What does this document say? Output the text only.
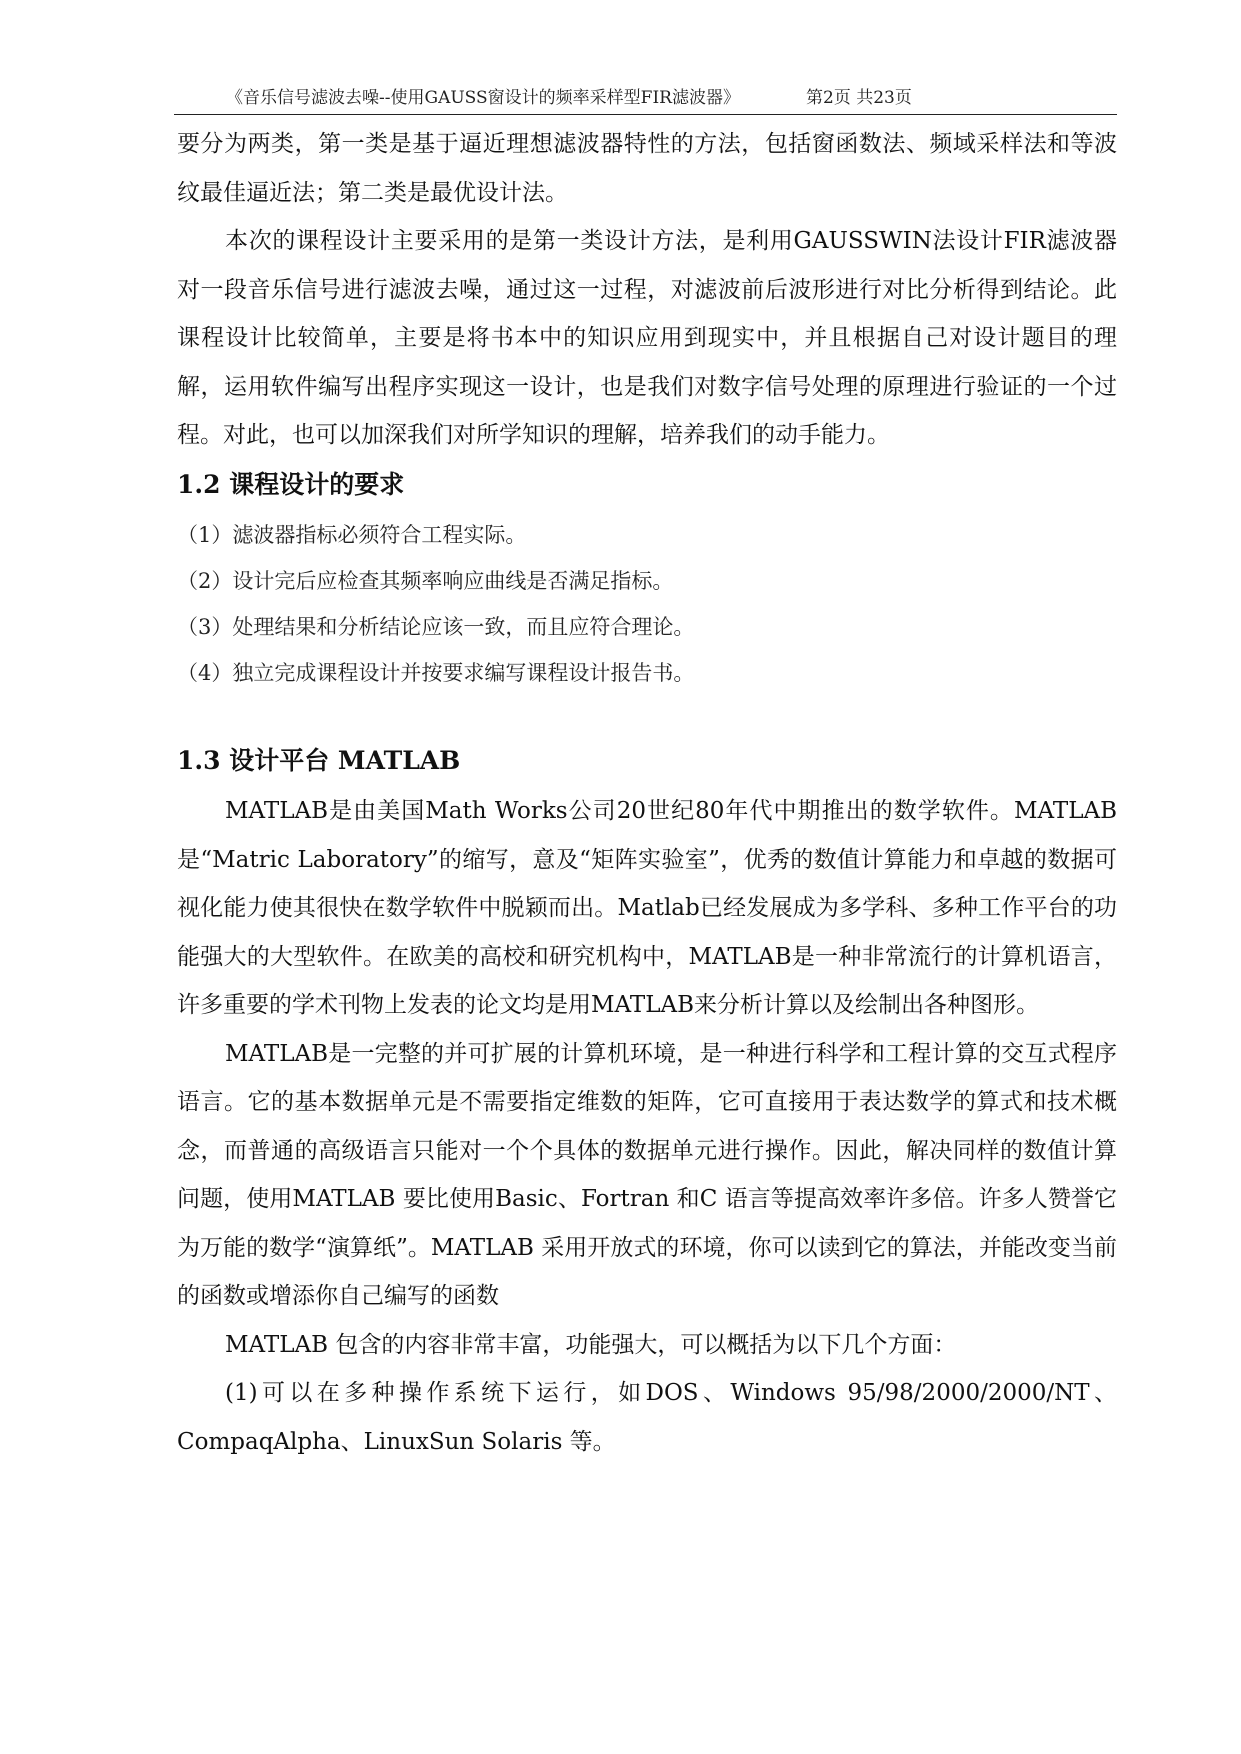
《音乐信号滤波去噪--使用GAUSS窗设计的频率采样型FIR滤波器》	第2页 共23页

要分为两类，第一类是基于逼近理想滤波器特性的方法，包括窗函数法、频域采样法和等波纹最佳逼近法；第二类是最优设计法。

本次的课程设计主要采用的是第一类设计方法，是利用GAUSSWIN法设计FIR滤波器对一段音乐信号进行滤波去噪，通过这一过程，对滤波前后波形进行对比分析得到结论。此课程设计比较简单，主要是将书本中的知识应用到现实中，并且根据自己对设计题目的理解，运用软件编写出程序实现这一设计，也是我们对数字信号处理的原理进行验证的一个过程。对此，也可以加深我们对所学知识的理解，培养我们的动手能力。

1.2 课程设计的要求

（1）滤波器指标必须符合工程实际。

（2）设计完后应检查其频率响应曲线是否满足指标。

（3）处理结果和分析结论应该一致，而且应符合理论。

（4）独立完成课程设计并按要求编写课程设计报告书。

1.3 设计平台 MATLAB

MATLAB是由美国Math Works公司20世纪80年代中期推出的数学软件。MATLAB是“Matric Laboratory”的缩写，意及“矩阵实验室”，优秀的数值计算能力和卓越的数据可视化能力使其很快在数学软件中脱颖而出。Matlab已经发展成为多学科、多种工作平台的功能强大的大型软件。在欧美的高校和研究机构中，MATLAB是一种非常流行的计算机语言，许多重要的学术刊物上发表的论文均是用MATLAB来分析计算以及绘制出各种图形。

MATLAB是一完整的并可扩展的计算机环境，是一种进行科学和工程计算的交互式程序语言。它的基本数据单元是不需要指定维数的矩阵，它可直接用于表达数学的算式和技术概念，而普通的高级语言只能对一个个具体的数据单元进行操作。因此，解决同样的数值计算问题，使用MATLAB 要比使用Basic、Fortran 和C 语言等提高效率许多倍。许多人赞誉它为万能的数学“演算纸”。MATLAB 采用开放式的环境，你可以读到它的算法，并能改变当前的函数或增添你自己编写的函数

MATLAB 包含的内容非常丰富，功能强大，可以概括为以下几个方面：

(1)可以在多种操作系统下运行，如DOS、Windows 95/98/2000/2000/NT、CompaqAlpha、LinuxSun Solaris 等。
